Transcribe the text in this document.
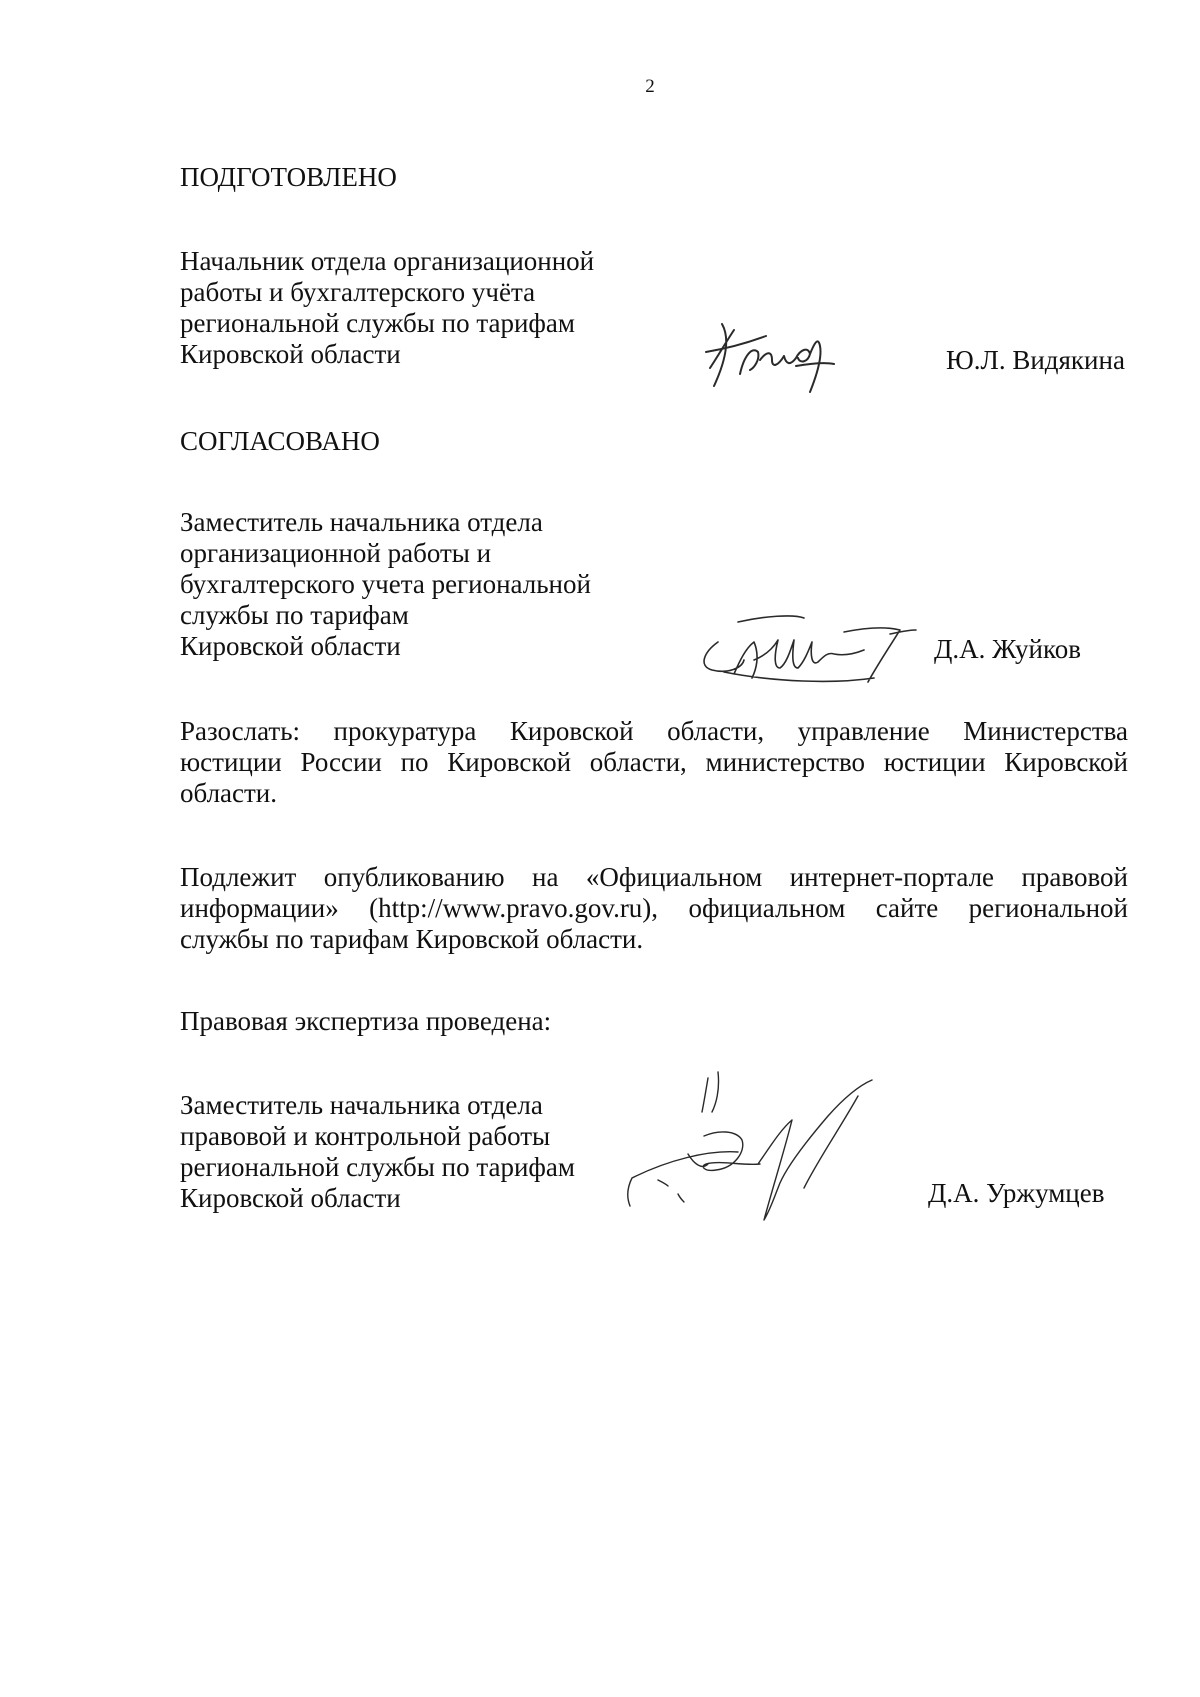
2
ПОДГОТОВЛЕНО
Начальник отдела организационной
работы и бухгалтерского учёта
региональной службы по тарифам
Кировской области	Ю.Л. Видякина
СОГЛАСОВАНО
Заместитель начальника отдела
организационной работы и
бухгалтерского учета региональной
службы по тарифам
Кировской области	Д.А. Жуйков
Разослать: прокуратура Кировской области, управление Министерства
юстиции России по Кировской области, министерство юстиции Кировской
области.
Подлежит опубликованию на «Официальном интернет-портале правовой
информации» (http://www.pravo.gov.ru), официальном сайте региональной
службы по тарифам Кировской области.
Правовая экспертиза проведена:
Заместитель начальника отдела
правовой и контрольной работы
региональной службы по тарифам
Кировской области	Д.А. Уржумцев
